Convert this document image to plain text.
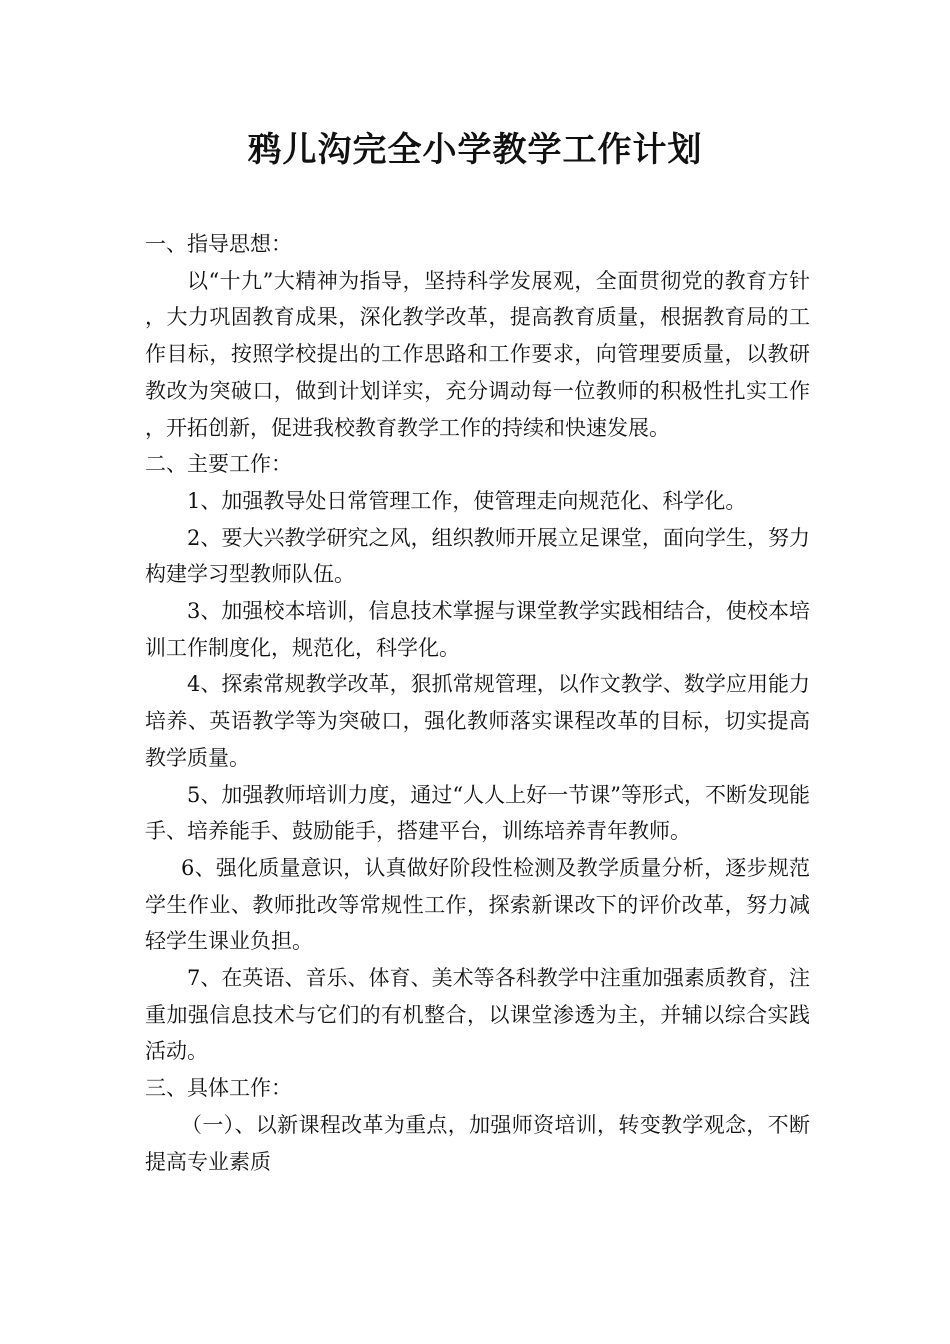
鸦儿沟完全小学教学工作计划

一、指导思想：

以“十九”大精神为指导，坚持科学发展观，全面贯彻党的教育方针，大力巩固教育成果，深化教学改革，提高教育质量，根据教育局的工作目标，按照学校提出的工作思路和工作要求，向管理要质量，以教研教改为突破口，做到计划详实，充分调动每一位教师的积极性扎实工作，开拓创新，促进我校教育教学工作的持续和快速发展。

二、主要工作：

1、加强教导处日常管理工作，使管理走向规范化、科学化。

2、要大兴教学研究之风，组织教师开展立足课堂，面向学生，努力构建学习型教师队伍。

3、加强校本培训，信息技术掌握与课堂教学实践相结合，使校本培训工作制度化，规范化，科学化。

4、探索常规教学改革，狠抓常规管理，以作文教学、数学应用能力培养、英语教学等为突破口，强化教师落实课程改革的目标，切实提高教学质量。

5、加强教师培训力度，通过“人人上好一节课”等形式，不断发现能手、培养能手、鼓励能手，搭建平台，训练培养青年教师。

6、强化质量意识，认真做好阶段性检测及教学质量分析，逐步规范学生作业、教师批改等常规性工作，探索新课改下的评价改革，努力减轻学生课业负担。

7、在英语、音乐、体育、美术等各科教学中注重加强素质教育，注重加强信息技术与它们的有机整合，以课堂渗透为主，并辅以综合实践活动。

三、具体工作：

（一）、以新课程改革为重点，加强师资培训，转变教学观念，不断提高专业素质
